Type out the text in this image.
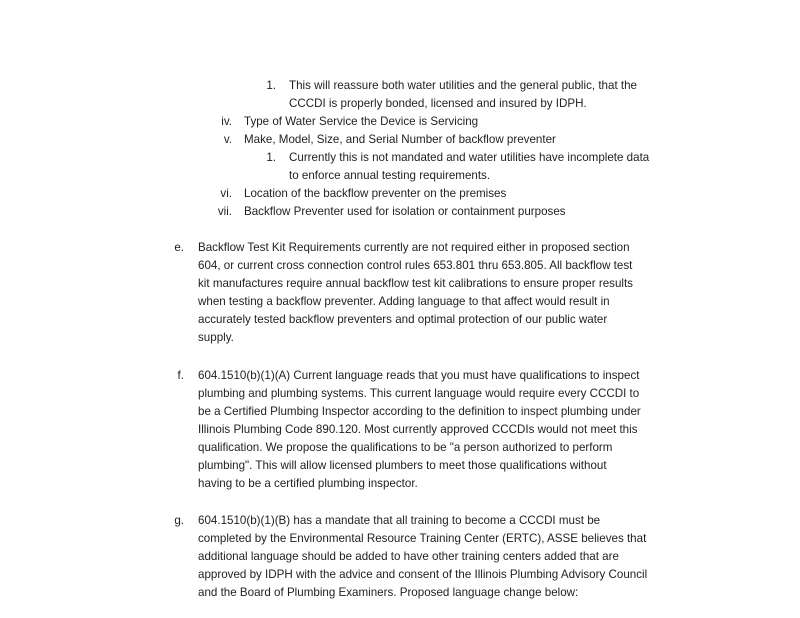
1. This will reassure both water utilities and the general public, that the
CCCDI is properly bonded, licensed and insured by IDPH.
iv. Type of Water Service the Device is Servicing
v. Make, Model, Size, and Serial Number of backflow preventer
1. Currently this is not mandated and water utilities have incomplete data
to enforce annual testing requirements.
vi. Location of the backflow preventer on the premises
vii. Backflow Preventer used for isolation or containment purposes
e. Backflow Test Kit Requirements currently are not required either in proposed section
604, or current cross connection control rules 653.801 thru 653.805. All backflow test
kit manufactures require annual backflow test kit calibrations to ensure proper results
when testing a backflow preventer. Adding language to that affect would result in
accurately tested backflow preventers and optimal protection of our public water
supply.
f. 604.1510(b)(1)(A) Current language reads that you must have qualifications to inspect
plumbing and plumbing systems. This current language would require every CCCDI to
be a Certified Plumbing Inspector according to the definition to inspect plumbing under
Illinois Plumbing Code 890.120. Most currently approved CCCDIs would not meet this
qualification. We propose the qualifications to be "a person authorized to perform
plumbing". This will allow licensed plumbers to meet those qualifications without
having to be a certified plumbing inspector.
g. 604.1510(b)(1)(B) has a mandate that all training to become a CCCDI must be
completed by the Environmental Resource Training Center (ERTC), ASSE believes that
additional language should be added to have other training centers added that are
approved by IDPH with the advice and consent of the Illinois Plumbing Advisory Council
and the Board of Plumbing Examiners. Proposed language change below:
